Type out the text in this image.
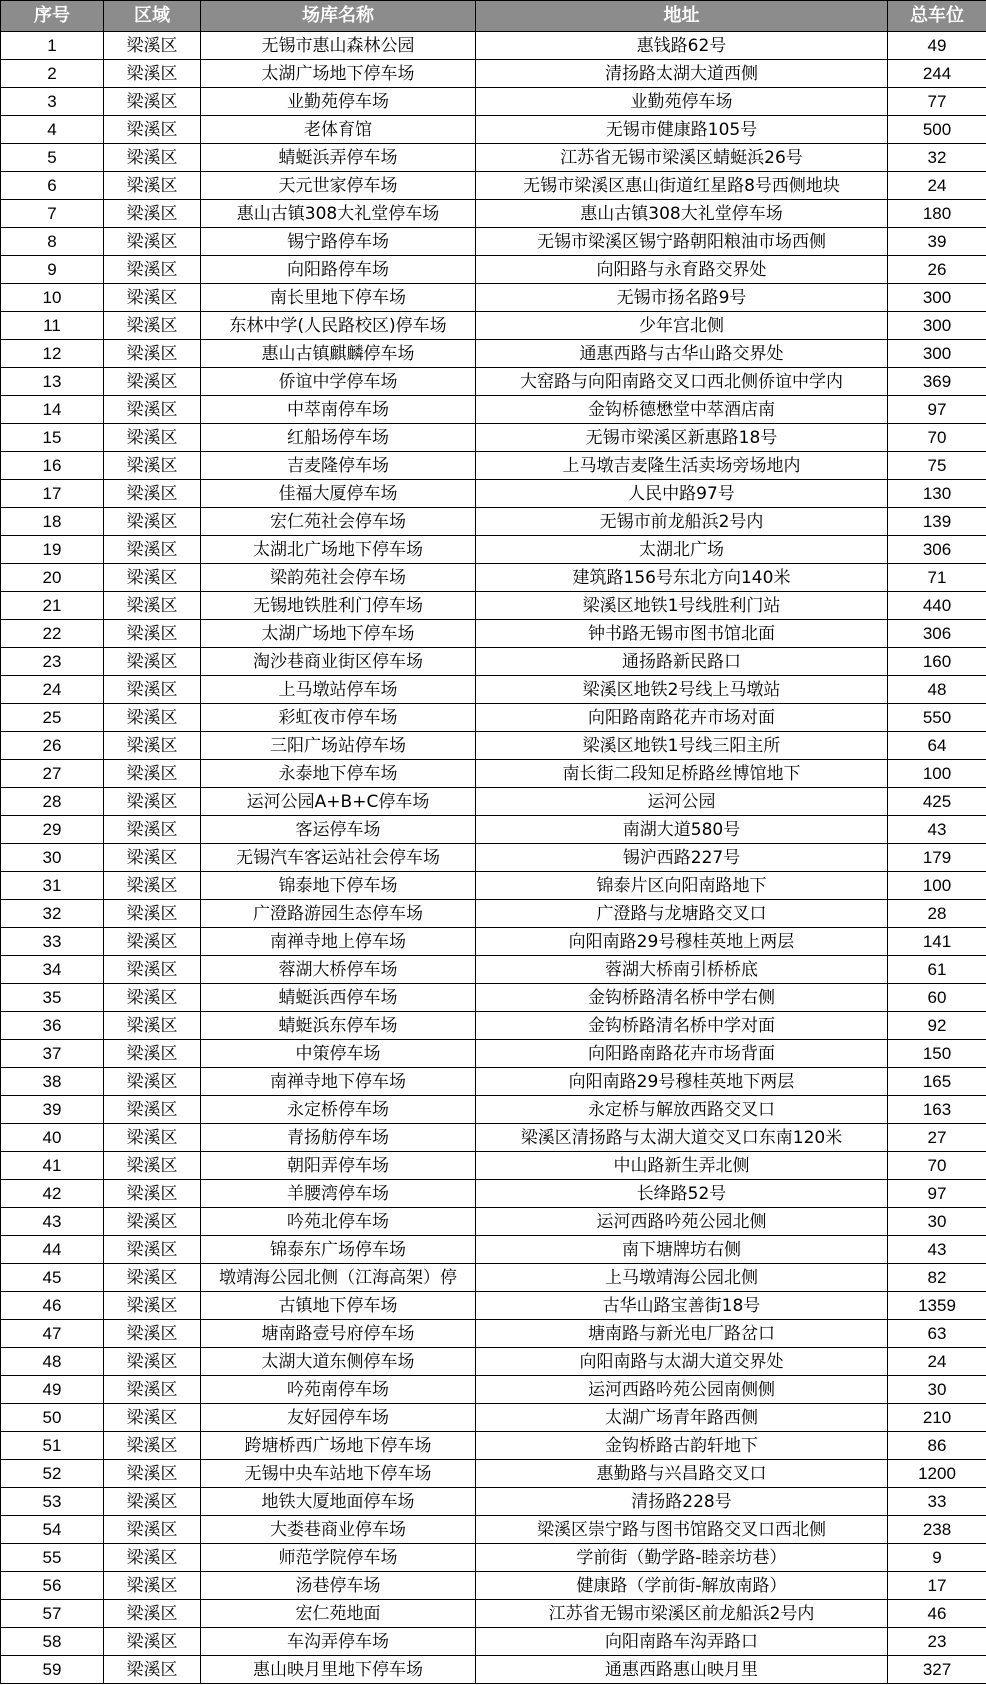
序号	区域	场库名称	地址	总车位
1	梁溪区	无锡市惠山森林公园	惠钱路62号	49
2	梁溪区	太湖广场地下停车场	清扬路太湖大道西侧	244
3	梁溪区	业勤苑停车场	业勤苑停车场	77
4	梁溪区	老体育馆	无锡市健康路105号	500
5	梁溪区	蜻蜓浜弄停车场	江苏省无锡市梁溪区蜻蜓浜26号	32
6	梁溪区	天元世家停车场	无锡市梁溪区惠山街道红星路8号西侧地块	24
7	梁溪区	惠山古镇308大礼堂停车场	惠山古镇308大礼堂停车场	180
8	梁溪区	锡宁路停车场	无锡市梁溪区锡宁路朝阳粮油市场西侧	39
9	梁溪区	向阳路停车场	向阳路与永育路交界处	26
10	梁溪区	南长里地下停车场	无锡市扬名路9号	300
11	梁溪区	东林中学(人民路校区)停车场	少年宫北侧	300
12	梁溪区	惠山古镇麒麟停车场	通惠西路与古华山路交界处	300
13	梁溪区	侨谊中学停车场	大窑路与向阳南路交叉口西北侧侨谊中学内	369
14	梁溪区	中萃南停车场	金钩桥德懋堂中萃酒店南	97
15	梁溪区	红船场停车场	无锡市梁溪区新惠路18号	70
16	梁溪区	吉麦隆停车场	上马墩吉麦隆生活卖场旁场地内	75
17	梁溪区	佳福大厦停车场	人民中路97号	130
18	梁溪区	宏仁苑社会停车场	无锡市前龙船浜2号内	139
19	梁溪区	太湖北广场地下停车场	太湖北广场	306
20	梁溪区	梁韵苑社会停车场	建筑路156号东北方向140米	71
21	梁溪区	无锡地铁胜利门停车场	梁溪区地铁1号线胜利门站	440
22	梁溪区	太湖广场地下停车场	钟书路无锡市图书馆北面	306
23	梁溪区	淘沙巷商业街区停车场	通扬路新民路口	160
24	梁溪区	上马墩站停车场	梁溪区地铁2号线上马墩站	48
25	梁溪区	彩虹夜市停车场	向阳路南路花卉市场对面	550
26	梁溪区	三阳广场站停车场	梁溪区地铁1号线三阳主所	64
27	梁溪区	永泰地下停车场	南长街二段知足桥路丝博馆地下	100
28	梁溪区	运河公园A+B+C停车场	运河公园	425
29	梁溪区	客运停车场	南湖大道580号	43
30	梁溪区	无锡汽车客运站社会停车场	锡沪西路227号	179
31	梁溪区	锦泰地下停车场	锦泰片区向阳南路地下	100
32	梁溪区	广澄路游园生态停车场	广澄路与龙塘路交叉口	28
33	梁溪区	南禅寺地上停车场	向阳南路29号穆桂英地上两层	141
34	梁溪区	蓉湖大桥停车场	蓉湖大桥南引桥桥底	61
35	梁溪区	蜻蜓浜西停车场	金钩桥路清名桥中学右侧	60
36	梁溪区	蜻蜓浜东停车场	金钩桥路清名桥中学对面	92
37	梁溪区	中策停车场	向阳路南路花卉市场背面	150
38	梁溪区	南禅寺地下停车场	向阳南路29号穆桂英地下两层	165
39	梁溪区	永定桥停车场	永定桥与解放西路交叉口	163
40	梁溪区	青扬舫停车场	梁溪区清扬路与太湖大道交叉口东南120米	27
41	梁溪区	朝阳弄停车场	中山路新生弄北侧	70
42	梁溪区	羊腰湾停车场	长绛路52号	97
43	梁溪区	吟苑北停车场	运河西路吟苑公园北侧	30
44	梁溪区	锦泰东广场停车场	南下塘牌坊右侧	43
45	梁溪区	墩靖海公园北侧（江海高架）停	上马墩靖海公园北侧	82
46	梁溪区	古镇地下停车场	古华山路宝善街18号	1359
47	梁溪区	塘南路壹号府停车场	塘南路与新光电厂路岔口	63
48	梁溪区	太湖大道东侧停车场	向阳南路与太湖大道交界处	24
49	梁溪区	吟苑南停车场	运河西路吟苑公园南侧侧	30
50	梁溪区	友好园停车场	太湖广场青年路西侧	210
51	梁溪区	跨塘桥西广场地下停车场	金钩桥路古韵轩地下	86
52	梁溪区	无锡中央车站地下停车场	惠勤路与兴昌路交叉口	1200
53	梁溪区	地铁大厦地面停车场	清扬路228号	33
54	梁溪区	大娄巷商业停车场	梁溪区崇宁路与图书馆路交叉口西北侧	238
55	梁溪区	师范学院停车场	学前街（勤学路-睦亲坊巷）	9
56	梁溪区	汤巷停车场	健康路（学前街-解放南路）	17
57	梁溪区	宏仁苑地面	江苏省无锡市梁溪区前龙船浜2号内	46
58	梁溪区	车沟弄停车场	向阳南路车沟弄路口	23
59	梁溪区	惠山映月里地下停车场	通惠西路惠山映月里	327
